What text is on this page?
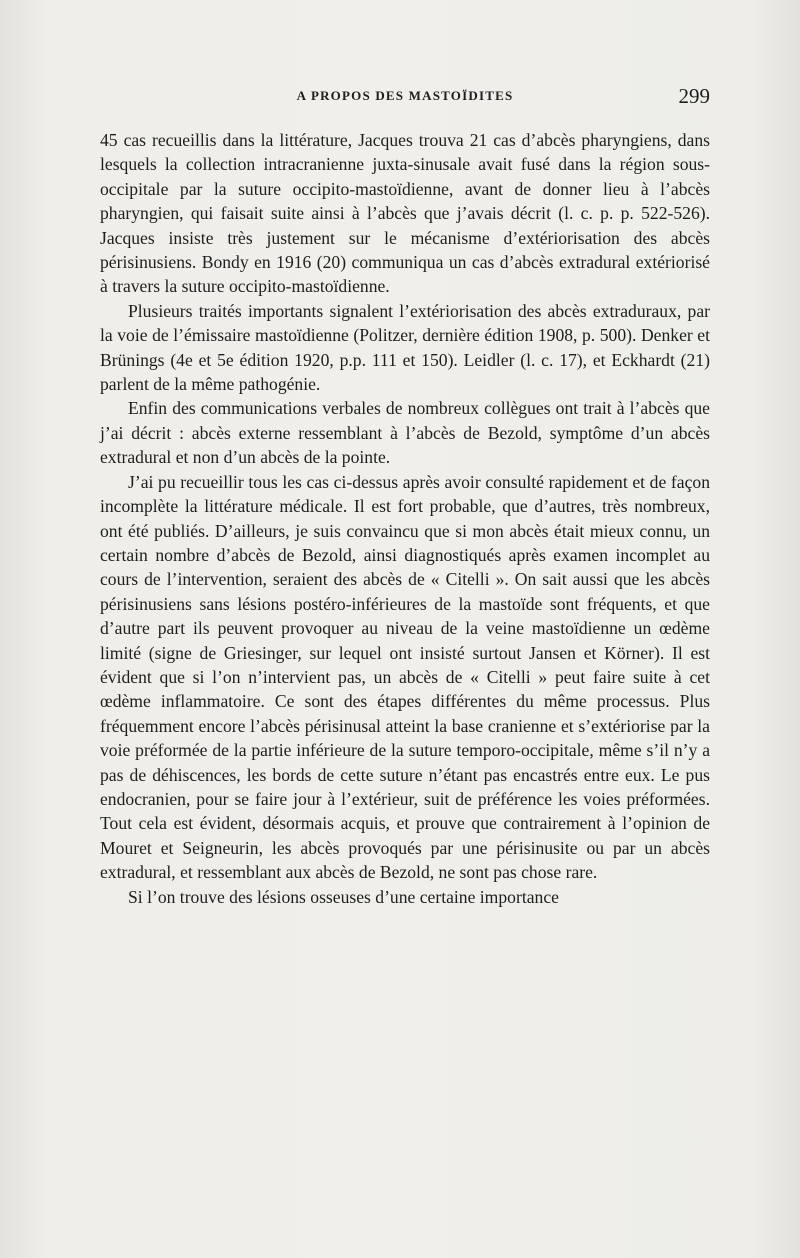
A PROPOS DES MASTOÏDITES	299

45 cas recueillis dans la littérature, Jacques trouva 21 cas d’abcès pharyngiens, dans lesquels la collection intracranienne juxta-sinusale avait fusé dans la région sous-occipitale par la suture occipito-mastoïdienne, avant de donner lieu à l’abcès pharyngien, qui faisait suite ainsi à l’abcès que j’avais décrit (l. c. p. p. 522-526). Jacques insiste très justement sur le mécanisme d’extériorisation des abcès périsinusiens. Bondy en 1916 (20) communiqua un cas d’abcès extradural extériorisé à travers la suture occipito-mastoïdienne.

Plusieurs traités importants signalent l’extériorisation des abcès extraduraux, par la voie de l’émissaire mastoïdienne (Politzer, dernière édition 1908, p. 500). Denker et Brünings (4e et 5e édition 1920, p.p. 111 et 150). Leidler (l. c. 17), et Eckhardt (21) parlent de la même pathogénie.

Enfin des communications verbales de nombreux collègues ont trait à l’abcès que j’ai décrit : abcès externe ressemblant à l’abcès de Bezold, symptôme d’un abcès extradural et non d’un abcès de la pointe.

J’ai pu recueillir tous les cas ci-dessus après avoir consulté rapidement et de façon incomplète la littérature médicale. Il est fort probable, que d’autres, très nombreux, ont été publiés. D’ailleurs, je suis convaincu que si mon abcès était mieux connu, un certain nombre d’abcès de Bezold, ainsi diagnostiqués après examen incomplet au cours de l’intervention, seraient des abcès de « Citelli ». On sait aussi que les abcès périsinusiens sans lésions postéro-inférieures de la mastoïde sont fréquents, et que d’autre part ils peuvent provoquer au niveau de la veine mastoïdienne un œdème limité (signe de Griesinger, sur lequel ont insisté surtout Jansen et Körner). Il est évident que si l’on n’intervient pas, un abcès de « Citelli » peut faire suite à cet œdème inflammatoire. Ce sont des étapes différentes du même processus. Plus fréquemment encore l’abcès périsinusal atteint la base cranienne et s’extériorise par la voie préformée de la partie inférieure de la suture temporo-occipitale, même s’il n’y a pas de déhiscences, les bords de cette suture n’étant pas encastrés entre eux. Le pus endocranien, pour se faire jour à l’extérieur, suit de préférence les voies préformées. Tout cela est évident, désormais acquis, et prouve que contrairement à l’opinion de Mouret et Seigneurin, les abcès provoqués par une périsinusite ou par un abcès extradural, et ressemblant aux abcès de Bezold, ne sont pas chose rare.

Si l’on trouve des lésions osseuses d’une certaine importance
